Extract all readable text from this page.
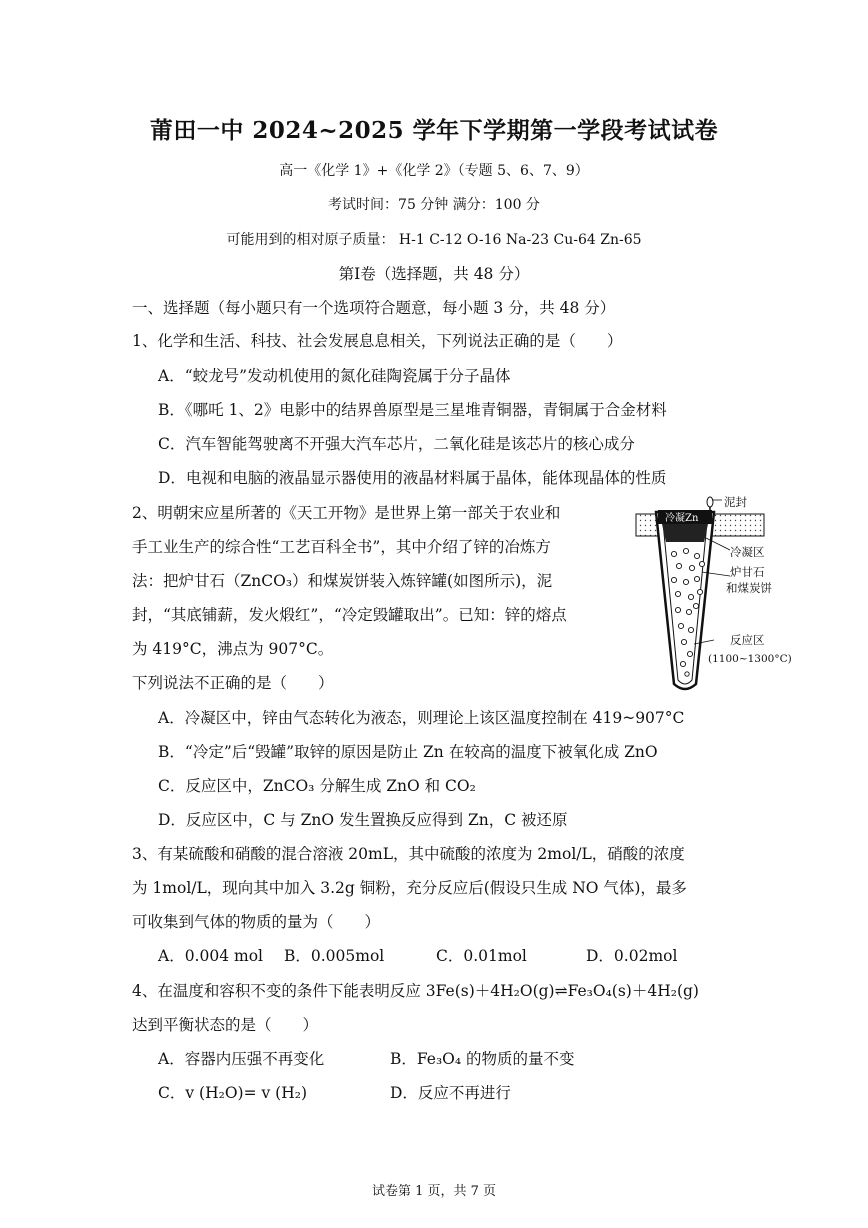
莆田一中 2024~2025 学年下学期第一学段考试试卷
高一《化学 1》+《化学 2》（专题 5、6、7、9）
考试时间：75 分钟 满分：100 分
可能用到的相对原子质量： H-1 C-12 O-16 Na-23 Cu-64 Zn-65
第Ⅰ卷（选择题，共 48 分）
一、选择题（每小题只有一个选项符合题意，每小题 3 分，共 48 分）
1、化学和生活、科技、社会发展息息相关，下列说法正确的是（　　）
A．“蛟龙号”发动机使用的氮化硅陶瓷属于分子晶体
B．《哪吒 1、2》电影中的结界兽原型是三星堆青铜器，青铜属于合金材料
C．汽车智能驾驶离不开强大汽车芯片，二氧化硅是该芯片的核心成分
D．电视和电脑的液晶显示器使用的液晶材料属于晶体，能体现晶体的性质
2、明朝宋应星所著的《天工开物》是世界上第一部关于农业和
手工业生产的综合性“工艺百科全书”，其中介绍了锌的冶炼方
法：把炉甘石（ZnCO₃）和煤炭饼装入炼锌罐(如图所示)，泥
封，“其底铺薪，发火煅红”，“冷定毁罐取出”。已知：锌的熔点
为 419°C，沸点为 907°C。
下列说法不正确的是（　　）
A．冷凝区中，锌由气态转化为液态，则理论上该区温度控制在 419~907°C
B．“冷定”后“毁罐”取锌的原因是防止 Zn 在较高的温度下被氧化成 ZnO
C．反应区中，ZnCO₃ 分解生成 ZnO 和 CO₂
D．反应区中，C 与 ZnO 发生置换反应得到 Zn，C 被还原
冷凝Zn
泥封
冷凝区
炉甘石
和煤炭饼
反应区
(1100~1300°C)
3、有某硫酸和硝酸的混合溶液 20mL，其中硫酸的浓度为 2mol/L，硝酸的浓度
为 1mol/L，现向其中加入 3.2g 铜粉，充分反应后(假设只生成 NO 气体)，最多
可收集到气体的物质的量为（　　）
A．0.004 mol B．0.005mol	C．0.01mol	D．0.02mol
4、在温度和容积不变的条件下能表明反应 3Fe(s)＋4H₂O(g)⇌Fe₃O₄(s)＋4H₂(g)
达到平衡状态的是（　　）
A．容器内压强不再变化	B．Fe₃O₄ 的物质的量不变
C．v (H₂O)= v (H₂)	D．反应不再进行
试卷第 1 页，共 7 页
